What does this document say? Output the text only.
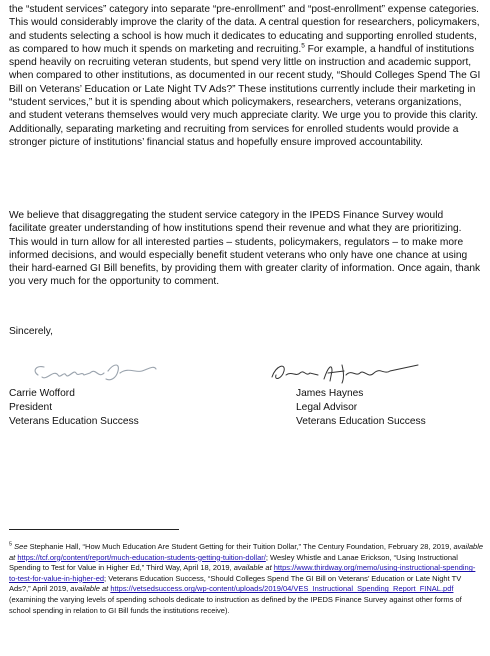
the “student services” category into separate “pre-enrollment” and “post-enrollment” expense categories. This would considerably improve the clarity of the data. A central question for researchers, policymakers, and students selecting a school is how much it dedicates to educating and supporting enrolled students, as compared to how much it spends on marketing and recruiting.$^5$ For example, a handful of institutions spend heavily on recruiting veteran students, but spend very little on instruction and academic support, when compared to other institutions, as documented in our recent study, “Should Colleges Spend The GI Bill on Veterans’ Education or Late Night TV Ads?” These institutions currently include their marketing in “student services,” but it is spending about which policymakers, researchers, veterans organizations, and student veterans themselves would very much appreciate clarity. We urge you to provide this clarity. Additionally, separating marketing and recruiting from services for enrolled students would provide a stronger picture of institutions’ financial status and hopefully ensure improved accountability.

We believe that disaggregating the student service category in the IPEDS Finance Survey would facilitate greater understanding of how institutions spend their revenue and what they are prioritizing. This would in turn allow for all interested parties – students, policymakers, regulators – to make more informed decisions, and would especially benefit student veterans who only have one chance at using their hard-earned GI Bill benefits, by providing them with greater clarity of information. Once again, thank you very much for the opportunity to comment.

Sincerely,
Carrie Wofford
President
Veterans Education Success
James Haynes
Legal Advisor
Veterans Education Success

$^5$ See Stephanie Hall, “How Much Education Are Student Getting for their Tuition Dollar,” The Century Foundation, February 28, 2019, available at https://tcf.org/content/report/much-education-students-getting-tuition-dollar/; Wesley Whistle and Lanae Erickson, “Using Instructional Spending to Test for Value in Higher Ed,” Third Way, April 18, 2019, available at https://www.thirdway.org/memo/using-instructional-spending-to-test-for-value-in-higher-ed; Veterans Education Success, “Should Colleges Spend The GI Bill on Veterans’ Education or Late Night TV Ads?,” April 2019, available at https://vetsedsuccess.org/wp-content/uploads/2019/04/VES_Instructional_Spending_Report_FINAL.pdf (examining the varying levels of spending schools dedicate to instruction as defined by the IPEDS Finance Survey against other forms of school spending in relation to GI Bill funds the institutions receive).
